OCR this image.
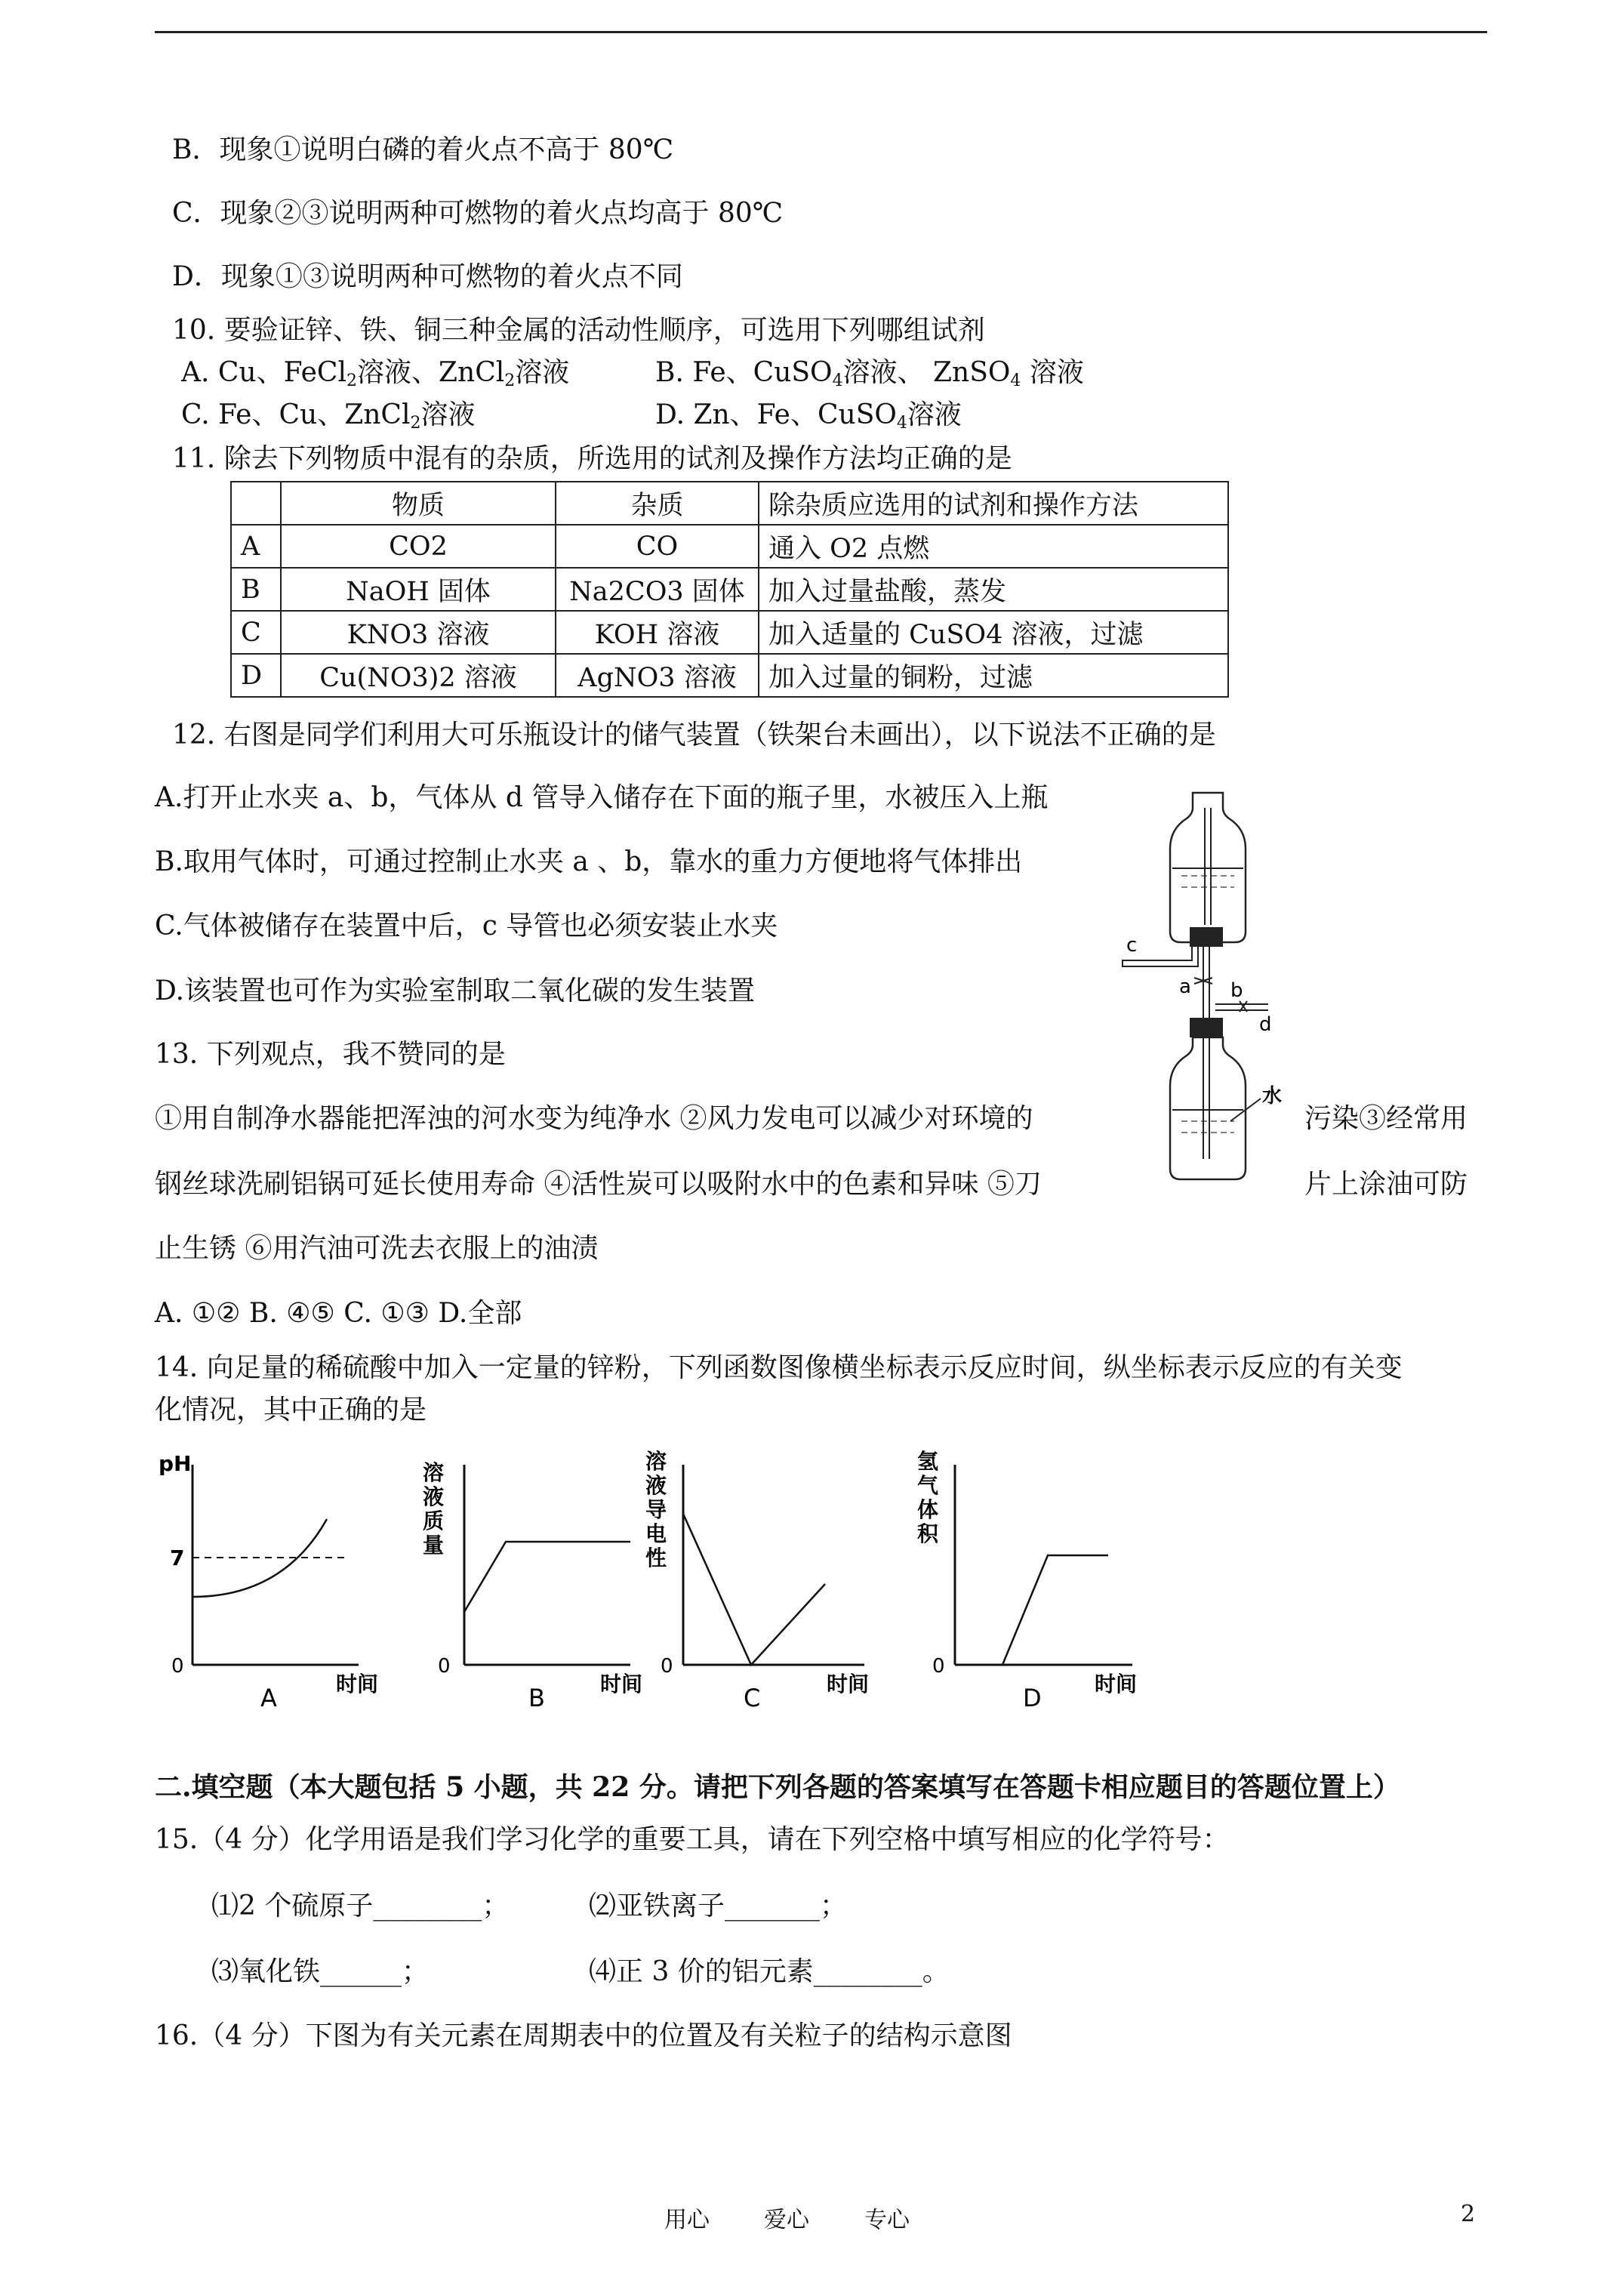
B．现象①说明白磷的着火点不高于 80℃
C．现象②③说明两种可燃物的着火点均高于 80℃
D．现象①③说明两种可燃物的着火点不同
10. 要验证锌、铁、铜三种金属的活动性顺序，可选用下列哪组试剂
A. Cu、FeCl$_2$溶液、ZnCl$_2$溶液	B. Fe、CuSO$_4$溶液、 ZnSO$_4$ 溶液
C. Fe、Cu、ZnCl$_2$溶液	D. Zn、Fe、CuSO$_4$溶液
11. 除去下列物质中混有的杂质，所选用的试剂及操作方法均正确的是
	物质	杂质	除杂质应选用的试剂和操作方法
A	CO2	CO	通入 O2 点燃
B	NaOH 固体	Na2CO3 固体	加入过量盐酸，蒸发
C	KNO3 溶液	KOH 溶液	加入适量的 CuSO4 溶液，过滤
D	Cu(NO3)2 溶液	AgNO3 溶液	加入过量的铜粉，过滤
12. 右图是同学们利用大可乐瓶设计的储气装置（铁架台未画出），以下说法不正确的是
A.打开止水夹 a、b，气体从 d 管导入储存在下面的瓶子里，水被压入上瓶
B.取用气体时，可通过控制止水夹 a 、b，靠水的重力方便地将气体排出
C.气体被储存在装置中后，c 导管也必须安装止水夹
D.该装置也可作为实验室制取二氧化碳的发生装置
c
a b
d
水
13. 下列观点，我不赞同的是
①用自制净水器能把浑浊的河水变为纯净水 ②风力发电可以减少对环境的	污染③经常用
钢丝球洗刷铝锅可延长使用寿命 ④活性炭可以吸附水中的色素和异味 ⑤刀	片上涂油可防
止生锈 ⑥用汽油可洗去衣服上的油渍
A. ①② B. ④⑤ C. ①③ D.全部
14. 向足量的稀硫酸中加入一定量的锌粉，下列函数图像横坐标表示反应时间，纵坐标表示反应的有关变
化情况，其中正确的是
pH
7
0
时间
A
溶液质量
0
时间
B
溶液导电性
0
时间
C
氢气体积
0
时间
D
二.填空题（本大题包括 5 小题，共 22 分。请把下列各题的答案填写在答题卡相应题目的答题位置上）
15.（4 分）化学用语是我们学习化学的重要工具，请在下列空格中填写相应的化学符号：
⑴2 个硫原子________；	⑵亚铁离子_______；
⑶氧化铁______；	⑷正 3 价的铝元素________。
16.（4 分）下图为有关元素在周期表中的位置及有关粒子的结构示意图
用心 爱心 专心	2
